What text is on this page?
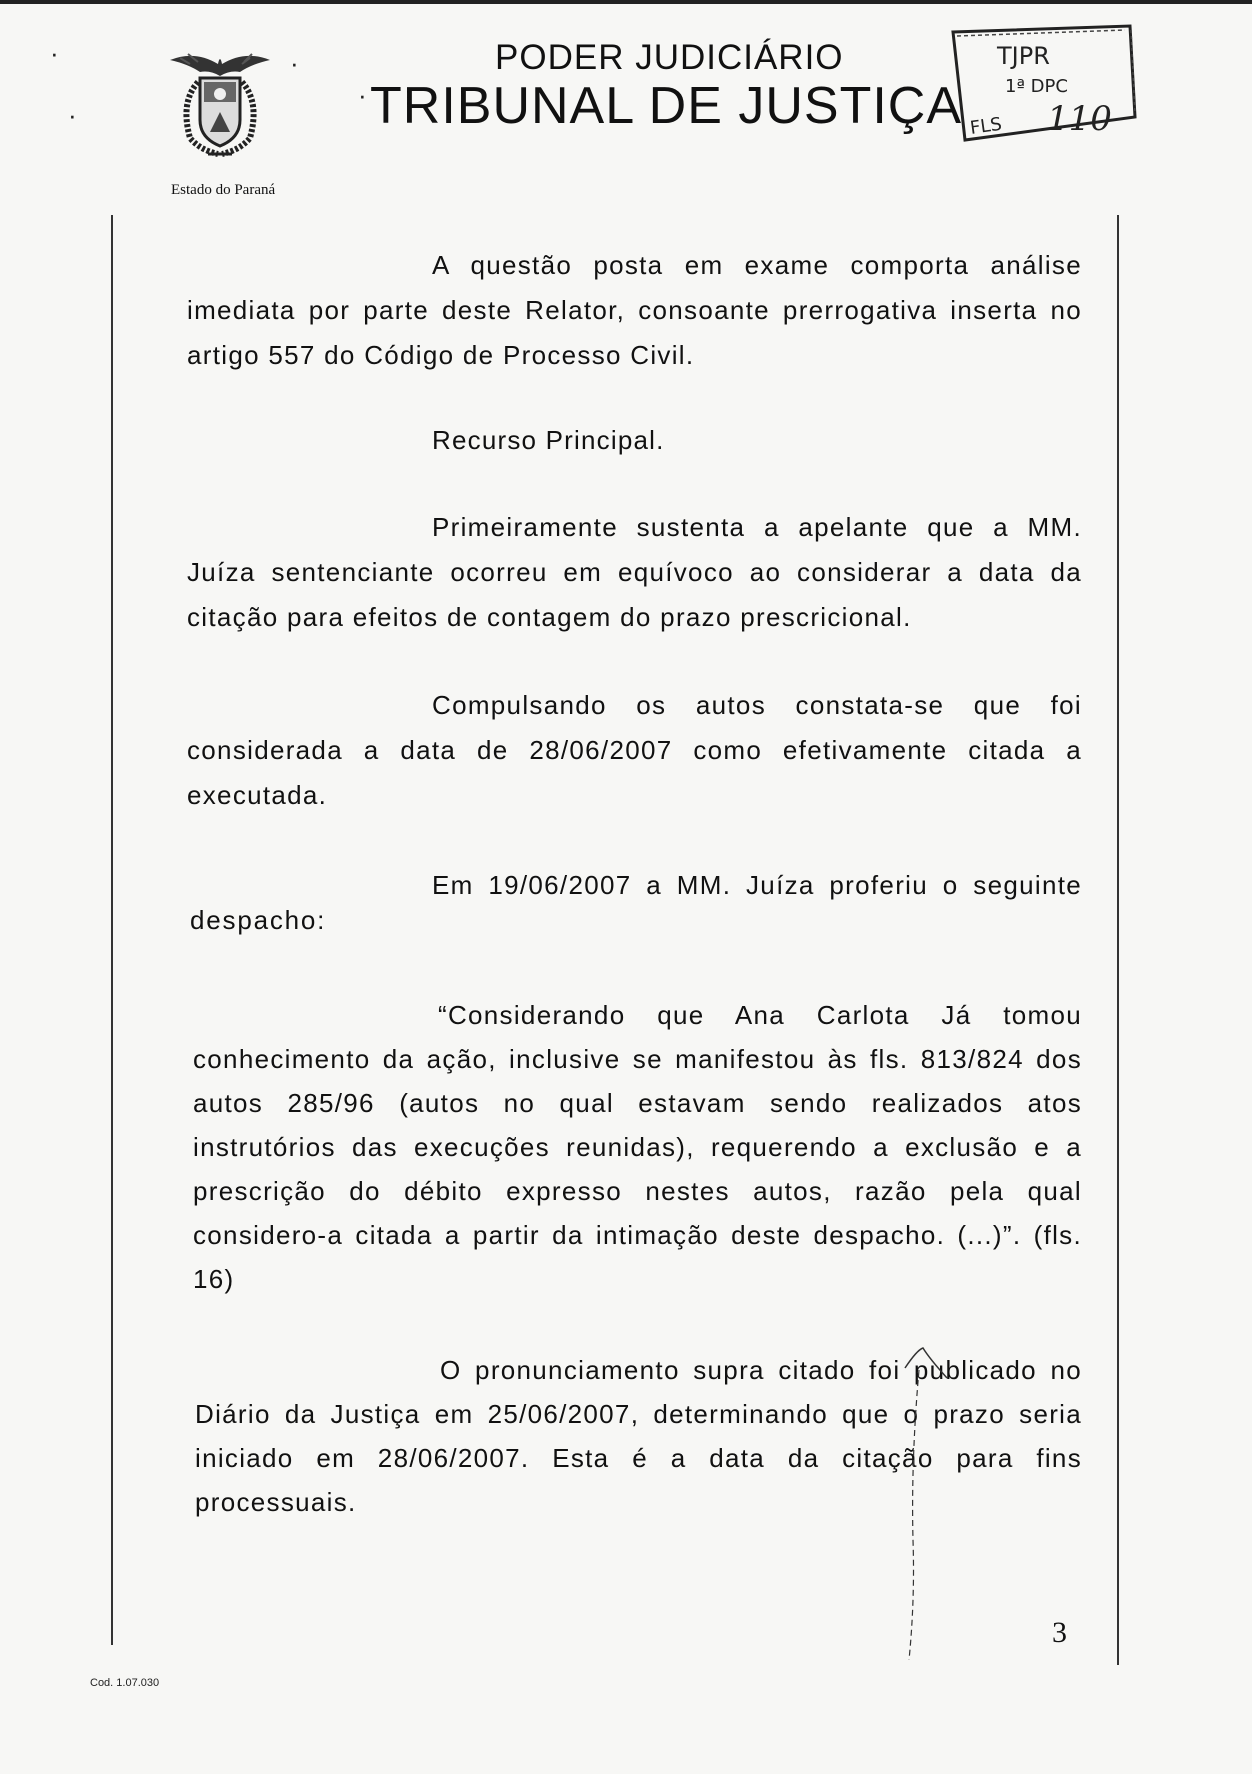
·
·
·
·
PODER JUDICIÁRIO
TRIBUNAL DE JUSTIÇA
Estado do Paraná
TJPR
1ª DPC
FLS 110

A questão posta em exame comporta análise imediata por parte deste Relator, consoante prerrogativa inserta no artigo 557 do Código de Processo Civil.

Recurso Principal.

Primeiramente sustenta a apelante que a MM. Juíza sentenciante ocorreu em equívoco ao considerar a data da citação para efeitos de contagem do prazo prescricional.

Compulsando os autos constata-se que foi considerada a data de 28/06/2007 como efetivamente citada a executada.

Em 19/06/2007 a MM. Juíza proferiu o seguinte

despacho:

“Considerando que Ana Carlota Já tomou conhecimento da ação, inclusive se manifestou às fls. 813/824 dos autos 285/96 (autos no qual estavam sendo realizados atos instrutórios das execuções reunidas), requerendo a exclusão e a prescrição do débito expresso nestes autos, razão pela qual considero-a citada a partir da intimação deste despacho. (...)”. (fls. 16)

O pronunciamento supra citado foi publicado no Diário da Justiça em 25/06/2007, determinando que o prazo seria iniciado em 28/06/2007. Esta é a data da citação para fins processuais.

3
Cod. 1.07.030
